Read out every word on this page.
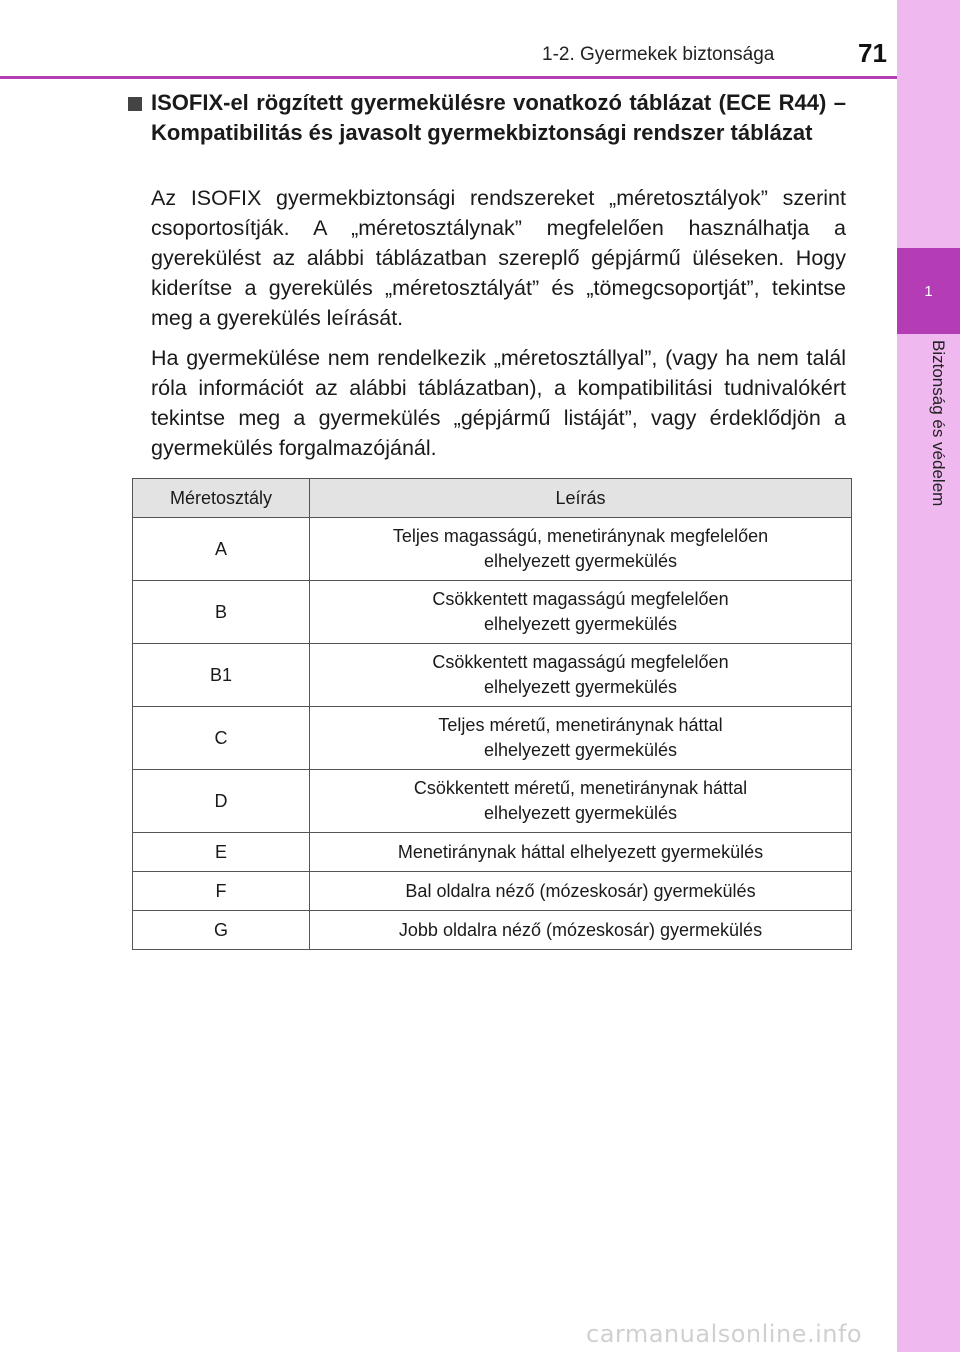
1
Biztonság és védelem
1-2. Gyermekek biztonsága	71
ISOFIX-el rögzített gyermekülésre vonatkozó táblázat (ECE R44) – Kompatibilitás és javasolt gyermekbiztonsági rendszer táblázat
Az ISOFIX gyermekbiztonsági rendszereket „méretosztályok” szerint csoportosítják. A „méretosztálynak” megfelelően használhatja a gyerekülést az alábbi táblázatban szereplő gépjármű üléseken. Hogy kiderítse a gyerekülés „méretosztályát” és „tömegcsoportját”, tekintse meg a gyerekülés leírását.
Ha gyermekülése nem rendelkezik „méretosztállyal”, (vagy ha nem talál róla információt az alábbi táblázatban), a kompatibilitási tudnivalókért tekintse meg a gyermekülés „gépjármű listáját”, vagy érdeklődjön a gyermekülés forgalmazójánál.
Méretosztály	Leírás
A	Teljes magasságú, menetiránynak megfelelően
elhelyezett gyermekülés
B	Csökkentett magasságú megfelelően
elhelyezett gyermekülés
B1	Csökkentett magasságú megfelelően
elhelyezett gyermekülés
C	Teljes méretű, menetiránynak háttal
elhelyezett gyermekülés
D	Csökkentett méretű, menetiránynak háttal
elhelyezett gyermekülés
E	Menetiránynak háttal elhelyezett gyermekülés
F	Bal oldalra néző (mózeskosár) gyermekülés
G	Jobb oldalra néző (mózeskosár) gyermekülés
carmanualsonline.info
